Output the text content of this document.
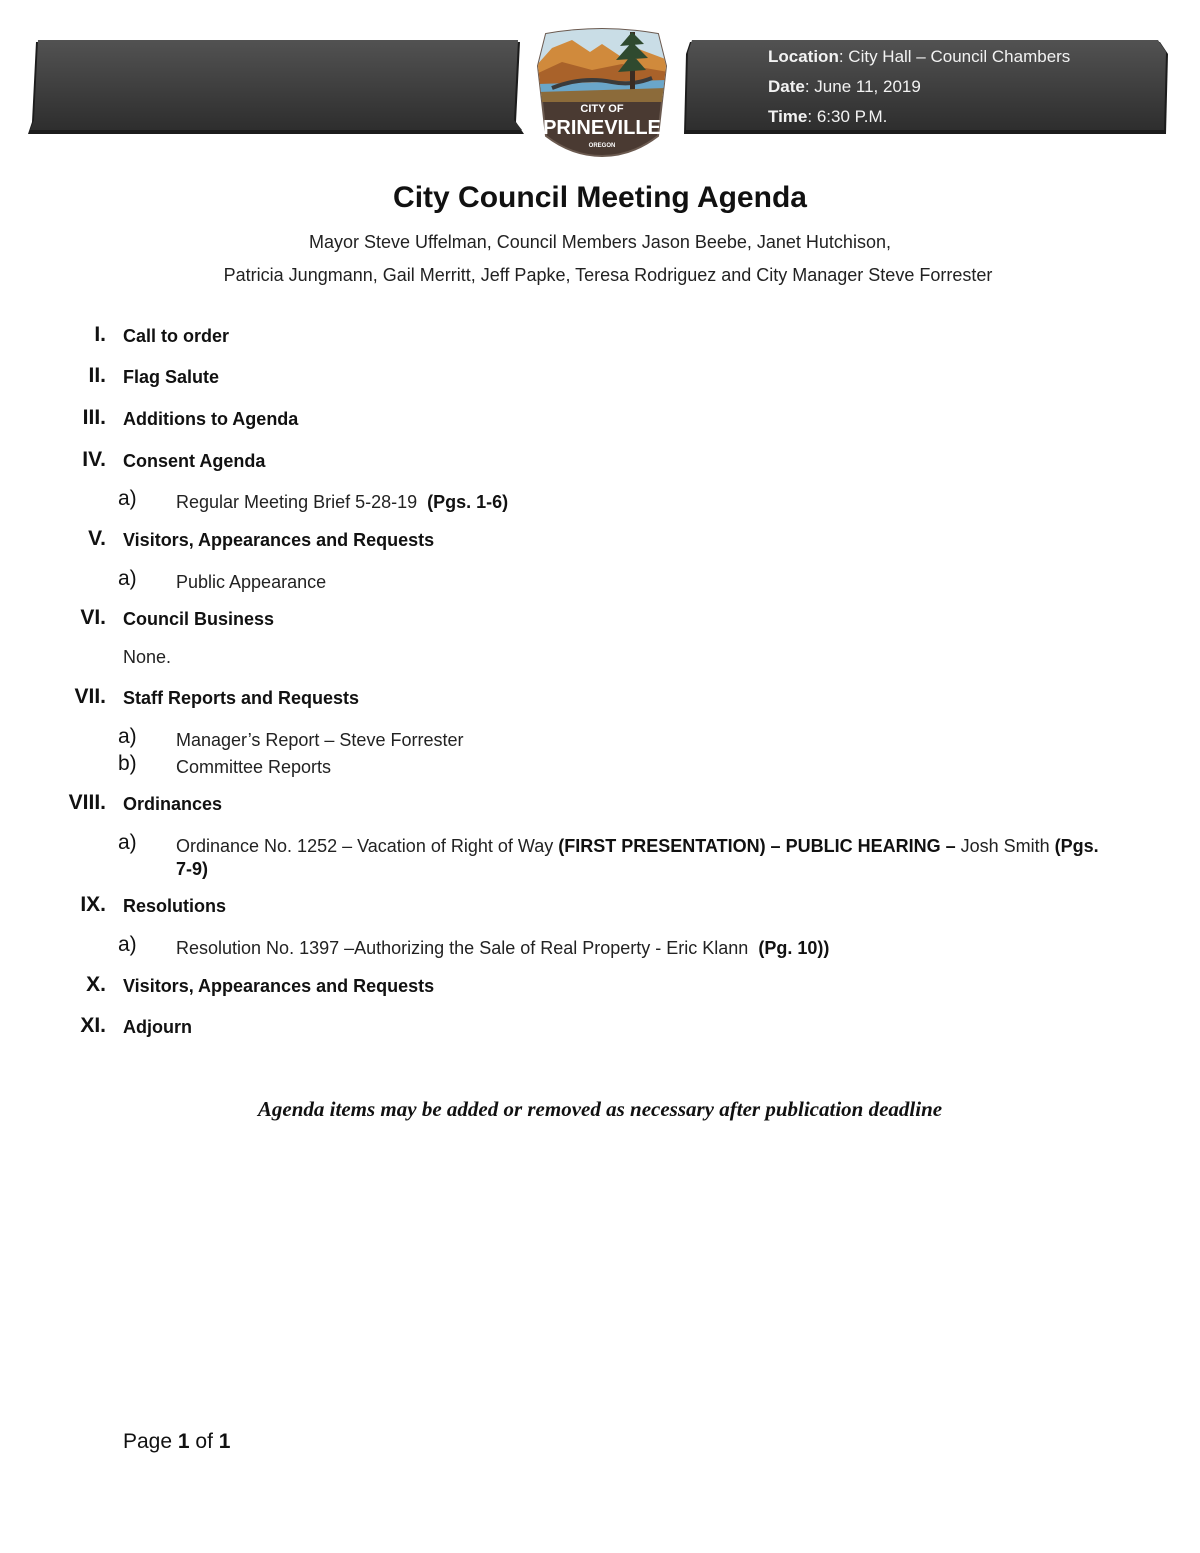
Location: City Hall – Council Chambers
Date: June 11, 2019
Time: 6:30 P.M.
CITY OF
PRINEVILLE
OREGON
City Council Meeting Agenda
Mayor Steve Uffelman, Council Members Jason Beebe, Janet Hutchison,
Patricia Jungmann, Gail Merritt, Jeff Papke, Teresa Rodriguez and City Manager Steve Forrester
I. Call to order
II. Flag Salute
III. Additions to Agenda
IV. Consent Agenda
a) Regular Meeting Brief 5-28-19 (Pgs. 1-6)
V. Visitors, Appearances and Requests
a) Public Appearance
VI. Council Business
None.
VII. Staff Reports and Requests
a) Manager’s Report – Steve Forrester
b) Committee Reports
VIII. Ordinances
a) Ordinance No. 1252 – Vacation of Right of Way (FIRST PRESENTATION) – PUBLIC HEARING – Josh Smith (Pgs. 7-9)
IX. Resolutions
a) Resolution No. 1397 –Authorizing the Sale of Real Property - Eric Klann (Pg. 10))
X. Visitors, Appearances and Requests
XI. Adjourn
Agenda items may be added or removed as necessary after publication deadline
Page 1 of 1
